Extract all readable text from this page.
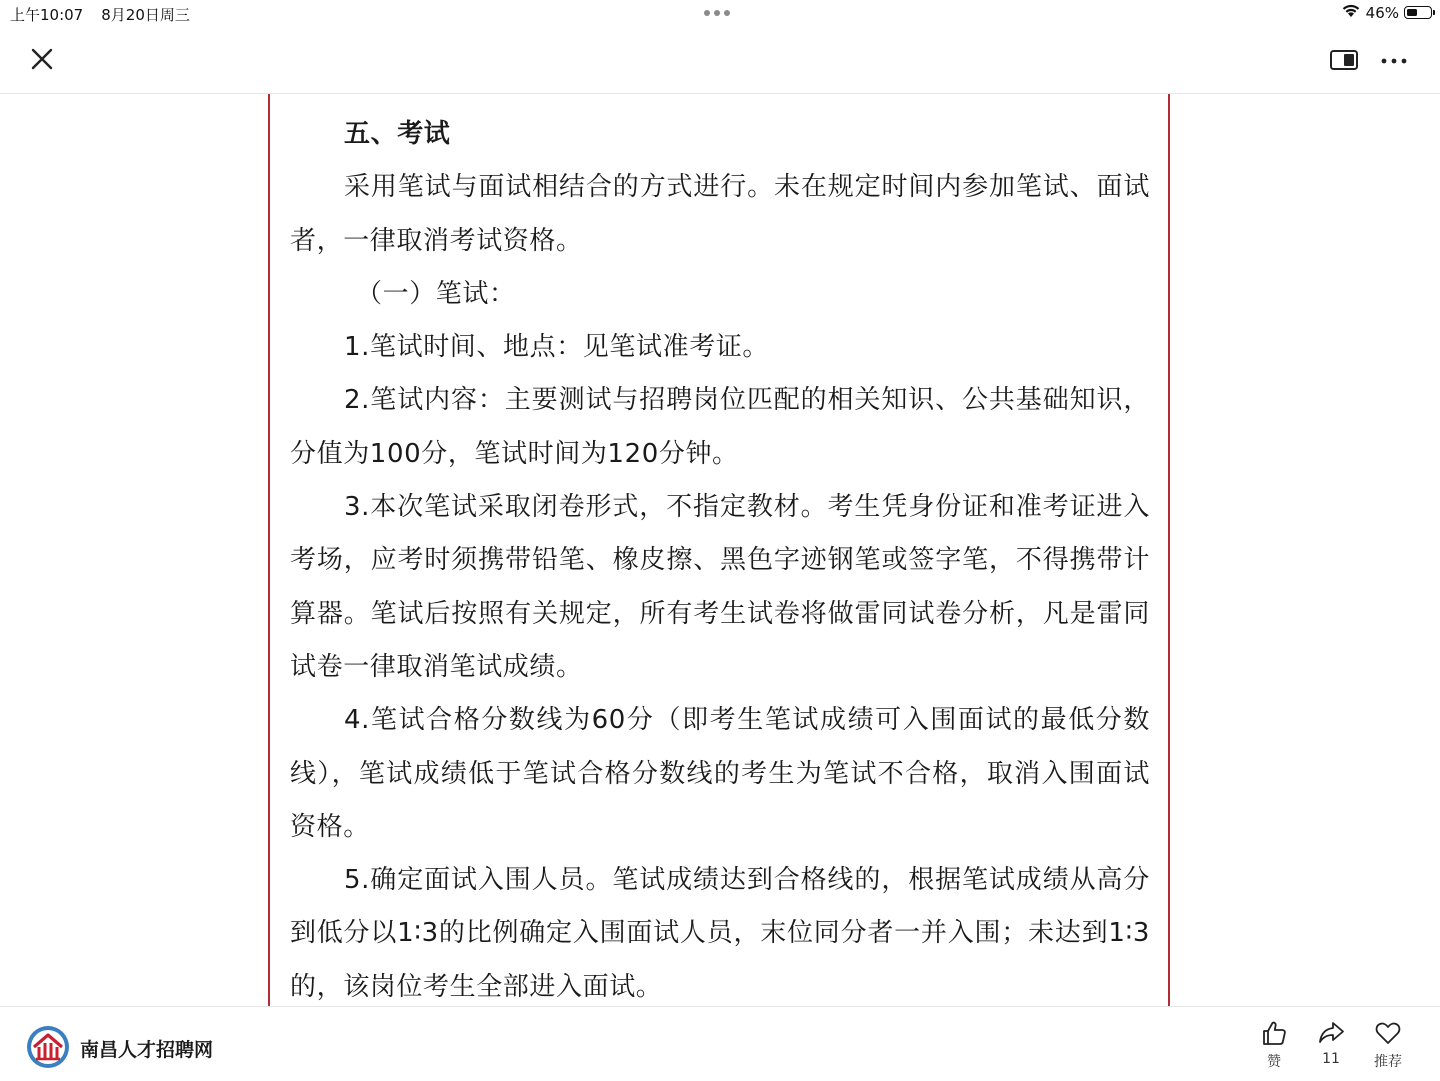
上午10:07 8月20日周三	46%

五、考试

采用笔试与面试相结合的方式进行。未在规定时间内参加笔试、面试者，一律取消考试资格。

（一）笔试：

1.笔试时间、地点：见笔试准考证。

2.笔试内容：主要测试与招聘岗位匹配的相关知识、公共基础知识，分值为100分，笔试时间为120分钟。

3.本次笔试采取闭卷形式，不指定教材。考生凭身份证和准考证进入考场，应考时须携带铅笔、橡皮擦、黑色字迹钢笔或签字笔，不得携带计算器。笔试后按照有关规定，所有考生试卷将做雷同试卷分析，凡是雷同试卷一律取消笔试成绩。

4.笔试合格分数线为60分（即考生笔试成绩可入围面试的最低分数线），笔试成绩低于笔试合格分数线的考生为笔试不合格，取消入围面试资格。

5.确定面试入围人员。笔试成绩达到合格线的，根据笔试成绩从高分到低分以1∶3的比例确定入围面试人员，末位同分者一并入围；未达到1∶3的，该岗位考生全部进入面试。

南昌人才招聘网
赞	11	推荐
